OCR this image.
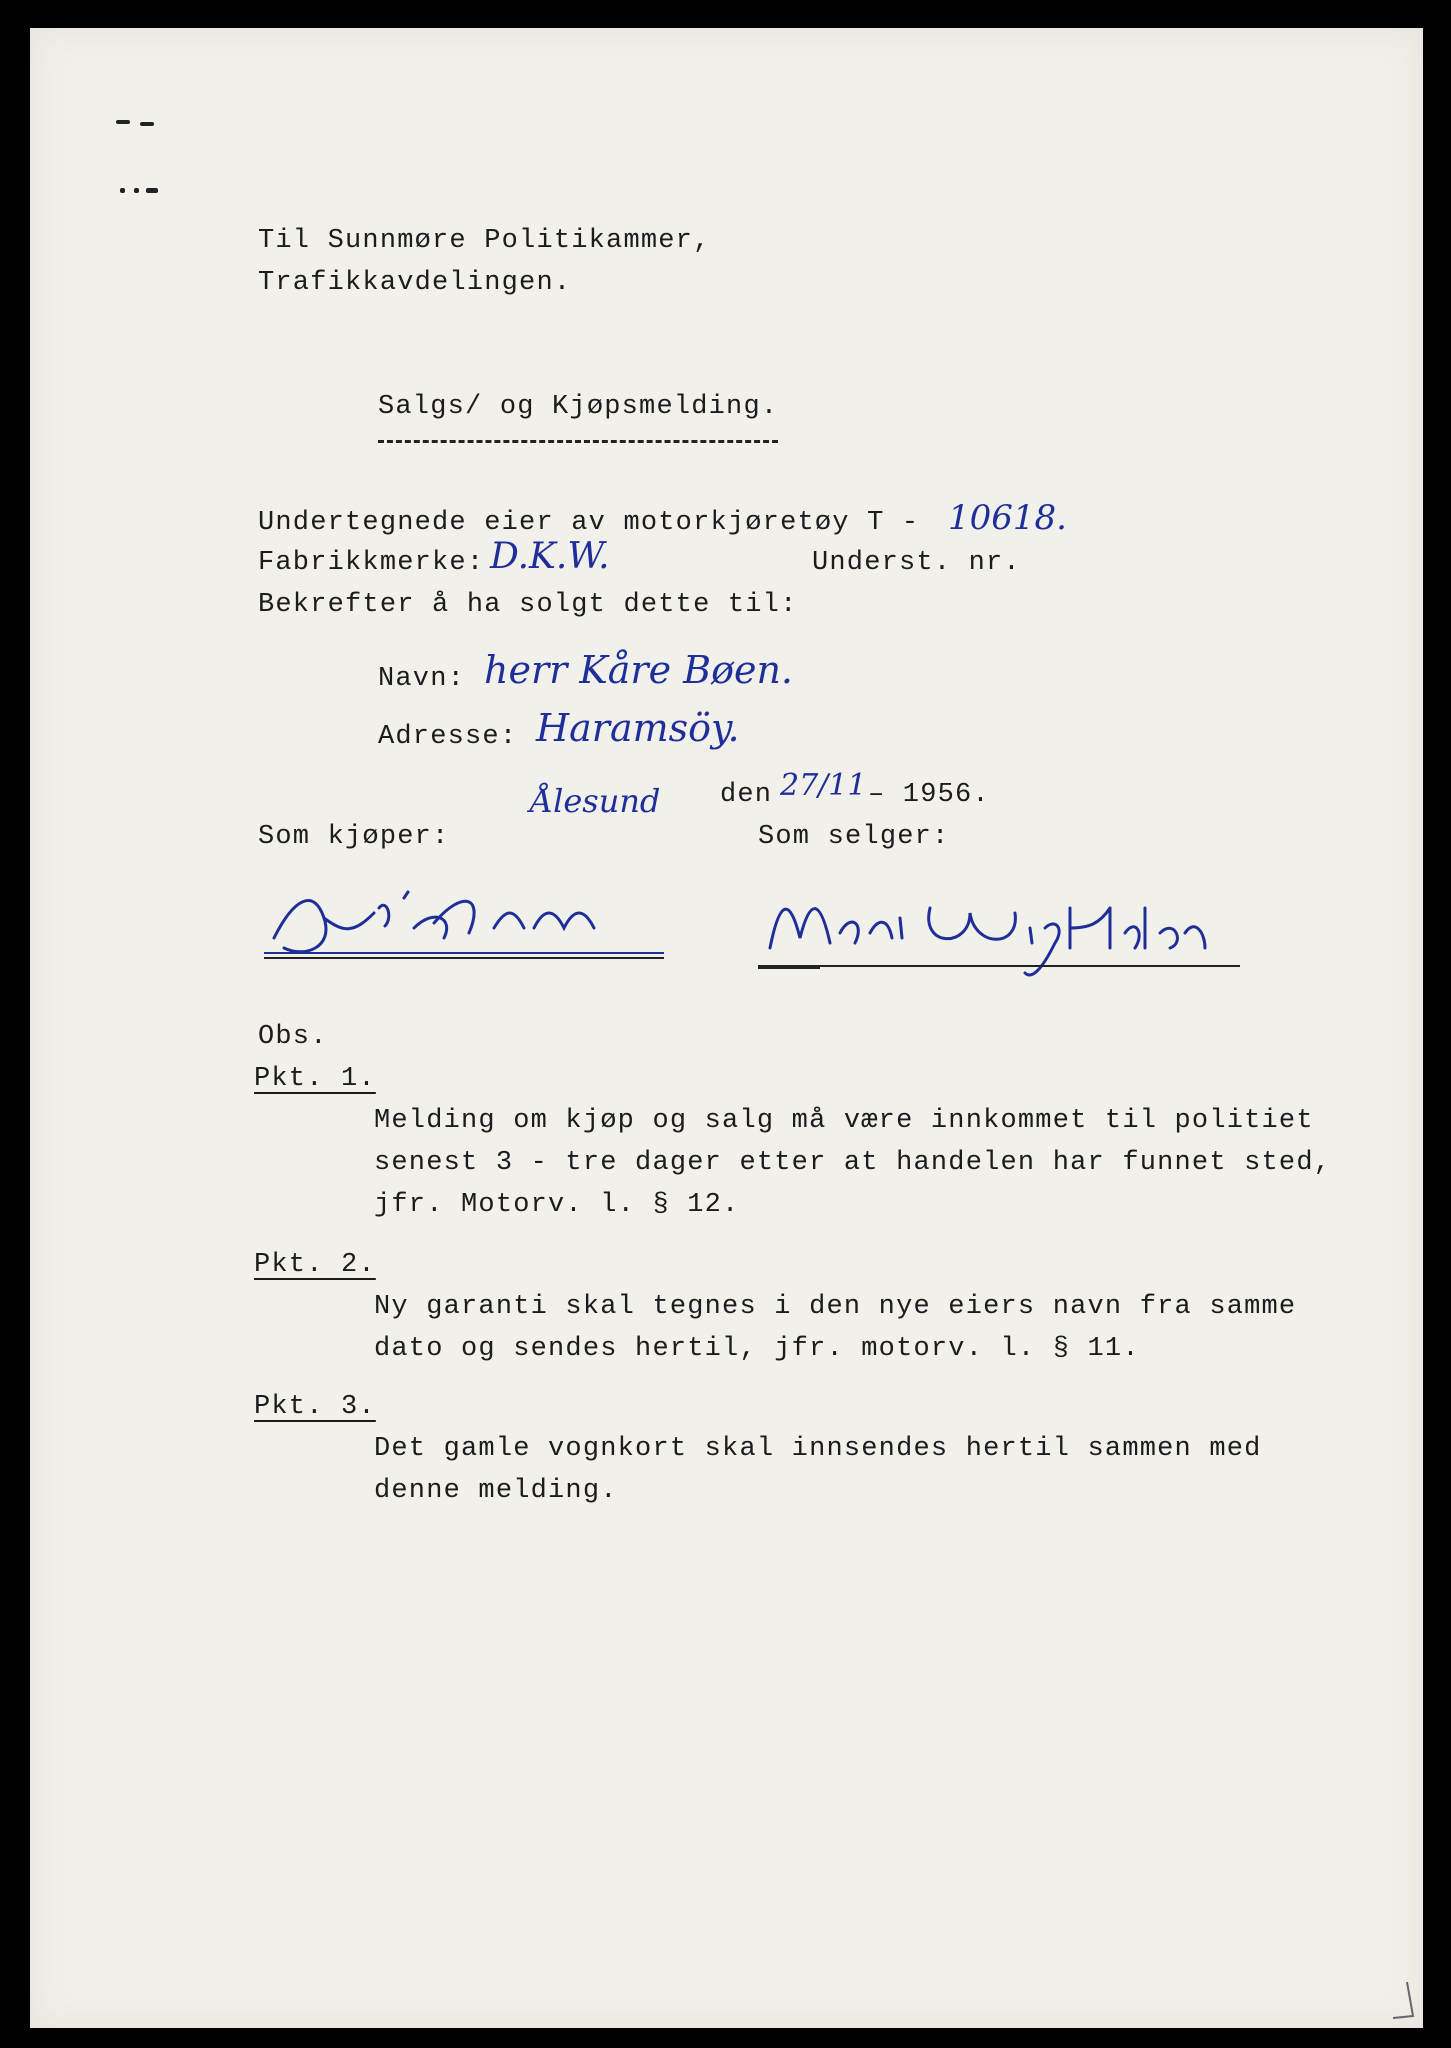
Til Sunnmøre Politikammer,
Trafikkavdelingen.
Salgs/ og Kjøpsmelding.
Undertegnede eier av motorkjøretøy T - 10618.
Fabrikkmerke: D.K.W.	Underst. nr.
Bekrefter å ha solgt dette til:
Navn: herr Kåre Bøen.
Adresse: Haramsöy.
Ålesund den 27/11 – 1956.
Som kjøper:	Som selger:
Obs.
Pkt. 1.
Melding om kjøp og salg må være innkommet til politiet
senest 3 - tre dager etter at handelen har funnet sted,
jfr. Motorv. l. § 12.
Pkt. 2.
Ny garanti skal tegnes i den nye eiers navn fra samme
dato og sendes hertil, jfr. motorv. l. § 11.
Pkt. 3.
Det gamle vognkort skal innsendes hertil sammen med
denne melding.
